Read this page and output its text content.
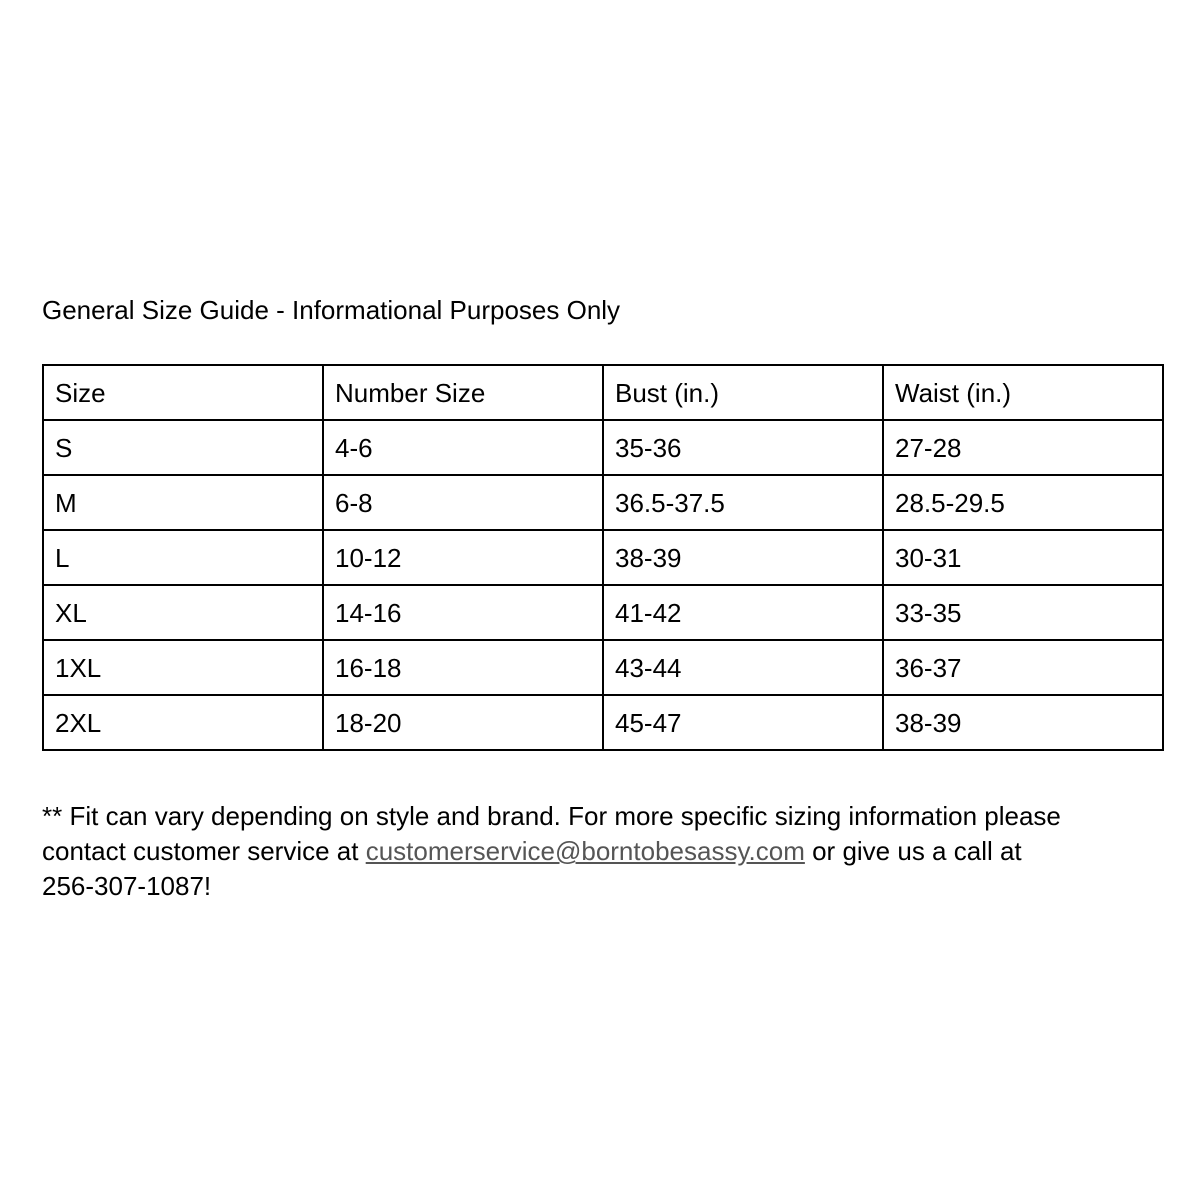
General Size Guide - Informational Purposes Only
Size	Number Size	Bust (in.)	Waist (in.)
S	4-6	35-36	27-28
M	6-8	36.5-37.5	28.5-29.5
L	10-12	38-39	30-31
XL	14-16	41-42	33-35
1XL	16-18	43-44	36-37
2XL	18-20	45-47	38-39
** Fit can vary depending on style and brand. For more specific sizing information please
contact customer service at customerservice@borntobesassy.com or give us a call at
256-307-1087!
